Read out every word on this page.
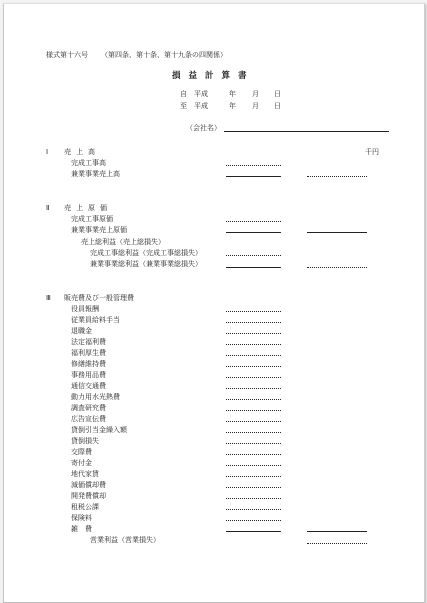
様式第十六号 （第四条、第十条、第十九条の四関係）
損益計算書
自 平成	年 月 日
至 平成	年 月 日
（会社名）
Ⅰ 売上高	千円
完成工事高
兼業事業売上高
Ⅱ 売上原価
完成工事原価
兼業事業売上原価
売上総利益（売上総損失）
完成工事総利益（完成工事総損失）
兼業事業総利益（兼業事業総損失）
Ⅲ 販売費及び一般管理費
役員報酬
従業員給料手当
退職金
法定福利費
福利厚生費
修繕維持費
事務用品費
通信交通費
動力用水光熱費
調査研究費
広告宣伝費
貸倒引当金繰入額
貸倒損失
交際費
寄付金
地代家賃
減価償却費
開発費償却
租税公課
保険料
雑　費
営業利益（営業損失）
